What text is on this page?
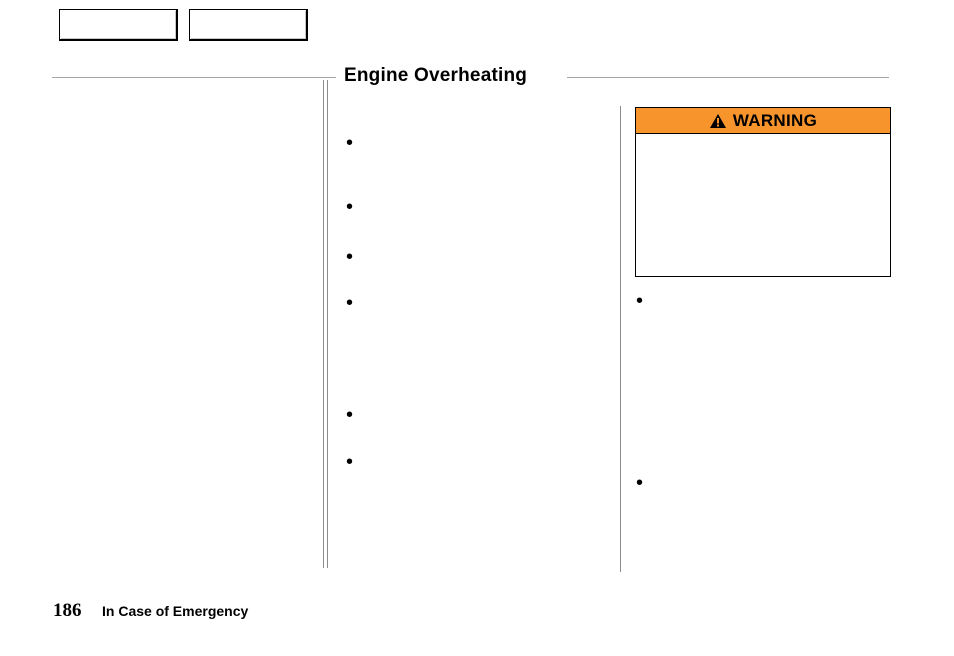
Engine Overheating
•
•
•
•
•
•
WARNING
•
•
186 In Case of Emergency
